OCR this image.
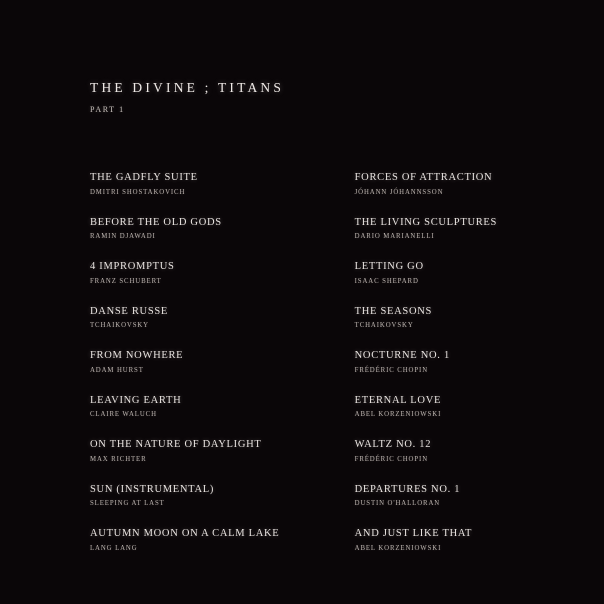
THE DIVINE ; TITANS
PART 1
THE GADFLY SUITE
DMITRI SHOSTAKOVICH
BEFORE THE OLD GODS
RAMIN DJAWADI
4 IMPROMPTUS
FRANZ SCHUBERT
DANSE RUSSE
TCHAIKOVSKY
FROM NOWHERE
ADAM HURST
LEAVING EARTH
CLAIRE WALUCH
ON THE NATURE OF DAYLIGHT
MAX RICHTER
SUN (INSTRUMENTAL)
SLEEPING AT LAST
AUTUMN MOON ON A CALM LAKE
LANG LANG
FORCES OF ATTRACTION
JÓHANN JÓHANNSSON
THE LIVING SCULPTURES
DARIO MARIANELLI
LETTING GO
ISAAC SHEPARD
THE SEASONS
TCHAIKOVSKY
NOCTURNE NO. 1
FRÉDÉRIC CHOPIN
ETERNAL LOVE
ABEL KORZENIOWSKI
WALTZ NO. 12
FRÉDÉRIC CHOPIN
DEPARTURES NO. 1
DUSTIN O'HALLORAN
AND JUST LIKE THAT
ABEL KORZENIOWSKI
